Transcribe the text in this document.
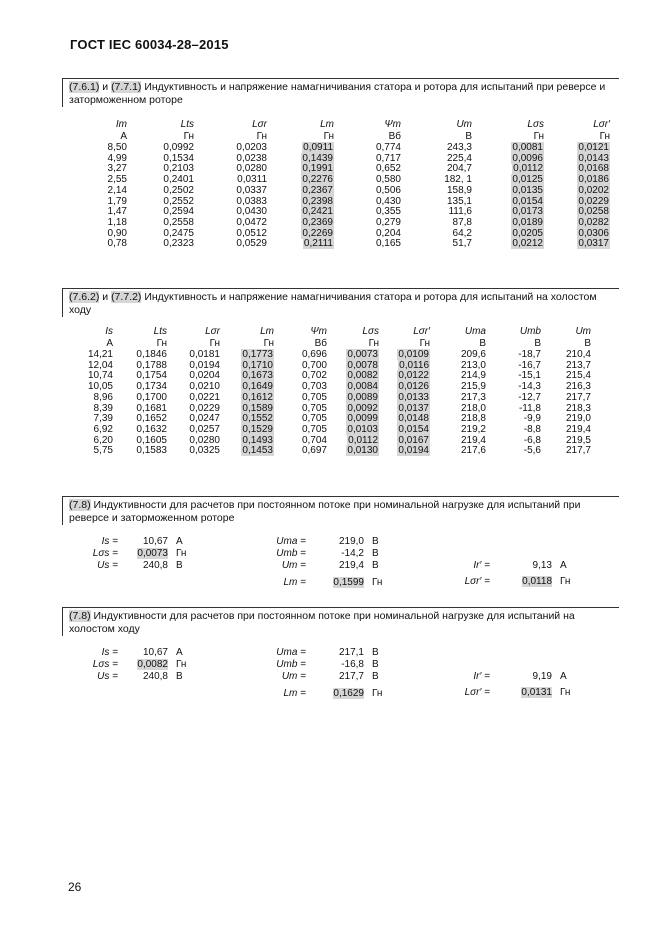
ГОСТ IEC 60034-28–2015
(7.6.1) и (7.7.1) Индуктивность и напряжение намагничивания статора и ротора для испытаний при реверсе и заторможенном роторе
Im	Lts	Lσr	Lm	Ψm	Um	Lσs	Lσr′
A	Гн	Гн	Гн	Вб	В	Гн	Гн
8,50	0,0992	0,0203	0,0911	0,774	243,3	0,0081	0,0121
4,99	0,1534	0,0238	0,1439	0,717	225,4	0,0096	0,0143
3,27	0,2103	0,0280	0,1991	0,652	204,7	0,0112	0,0168
2,55	0,2401	0,0311	0,2276	0,580	182, 1	0,0125	0,0186
2,14	0,2502	0,0337	0,2367	0,506	158,9	0,0135	0,0202
1,79	0,2552	0,0383	0,2398	0,430	135,1	0,0154	0,0229
1,47	0,2594	0,0430	0,2421	0,355	111,6	0,0173	0,0258
1,18	0,2558	0,0472	0,2369	0,279	87,8	0,0189	0,0282
0,90	0,2475	0,0512	0,2269	0,204	64,2	0,0205	0,0306
0,78	0,2323	0,0529	0,2111	0,165	51,7	0,0212	0,0317
(7.6.2) и (7.7.2) Индуктивность и напряжение намагничивания статора и ротора для испытаний на холостом ходу
Is	Lts	Lσr	Lm	Ψm	Lσs	Lσr′	Uma	Umb	Um
A	Гн	Гн	Гн	Вб	Гн	Гн	В	В	В
14,21	0,1846	0,0181	0,1773	0,696	0,0073	0,0109	209,6	-18,7	210,4
12,04	0,1788	0,0194	0,1710	0,700	0,0078	0,0116	213,0	-16,7	213,7
10,74	0,1754	0,0204	0,1673	0,702	0,0082	0,0122	214,9	-15,1	215,4
10,05	0,1734	0,0210	0,1649	0,703	0,0084	0,0126	215,9	-14,3	216,3
8,96	0,1700	0,0221	0,1612	0,705	0,0089	0,0133	217,3	-12,7	217,7
8,39	0,1681	0,0229	0,1589	0,705	0,0092	0,0137	218,0	-11,8	218,3
7,39	0,1652	0,0247	0,1552	0,705	0,0099	0,0148	218,8	-9,9	219,0
6,92	0,1632	0,0257	0,1529	0,705	0,0103	0,0154	219,2	-8,8	219,4
6,20	0,1605	0,0280	0,1493	0,704	0,0112	0,0167	219,4	-6,8	219,5
5,75	0,1583	0,0325	0,1453	0,697	0,0130	0,0194	217,6	-5,6	217,7
(7.8) Индуктивности для расчетов при постоянном потоке при номинальной нагрузке для испытаний при реверсе и заторможенном роторе
Is = 10,67 A
Lσs = 0,0073 Гн
Us = 240,8 В
Uma =	219,0 В
Umb =	-14,2 В
Um =	219,4 В
Lm =	0,1599 Гн
Ir′ =	9,13 A
Lσr′ =	0,0118 Гн
(7.8) Индуктивности для расчетов при постоянном потоке при номинальной нагрузке для испытаний на холостом ходу
Is = 10,67 A
Lσs = 0,0082 Гн
Us = 240,8 В
Uma =	217,1 В
Umb =	-16,8 В
Um =	217,7 В
Lm =	0,1629 Гн
Ir′ =	9,19 A
Lσr′ =	0,0131 Гн
26
